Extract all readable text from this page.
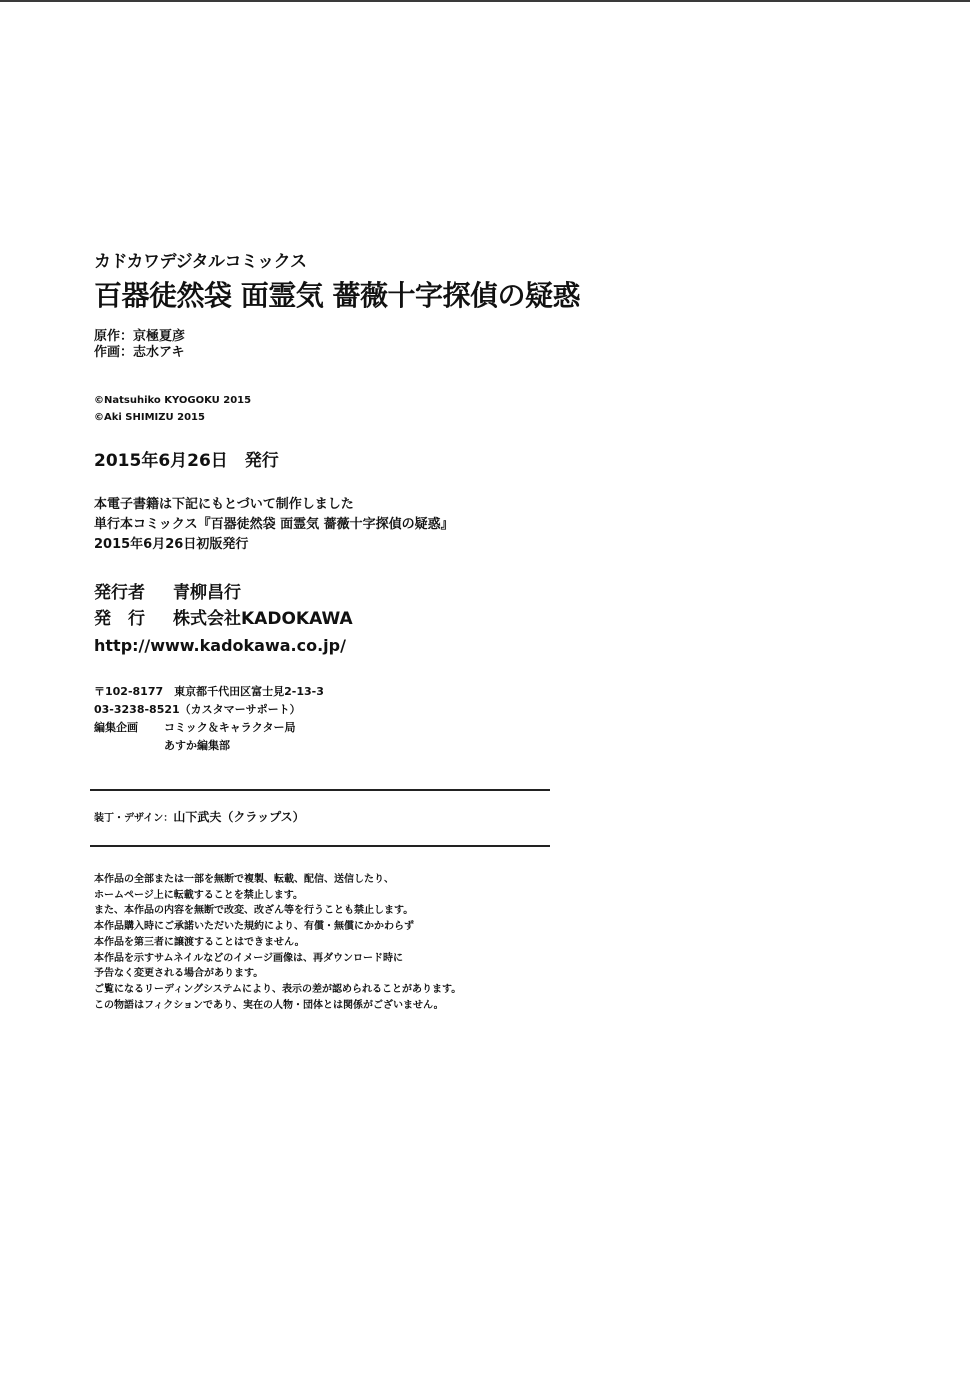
カドカワデジタルコミックス
百器徒然袋 面霊気 薔薇十字探偵の疑惑
原作：京極夏彦
作画：志水アキ
©Natsuhiko KYOGOKU 2015
©Aki SHIMIZU 2015
2015年6月26日　発行
本電子書籍は下記にもとづいて制作しました
単行本コミックス『百器徒然袋 面霊気 薔薇十字探偵の疑惑』
2015年6月26日初版発行
発行者	青柳昌行
発　行	株式会社KADOKAWA
http://www.kadokawa.co.jp/
〒102-8177　東京都千代田区富士見2-13-3
03-3238-8521（カスタマーサポート）
編集企画	コミック＆キャラクター局
あすか編集部
装丁・デザイン：山下武夫（クラップス）
本作品の全部または一部を無断で複製、転載、配信、送信したり、
ホームページ上に転載することを禁止します。
また、本作品の内容を無断で改変、改ざん等を行うことも禁止します。
本作品購入時にご承諾いただいた規約により、有償・無償にかかわらず
本作品を第三者に譲渡することはできません。
本作品を示すサムネイルなどのイメージ画像は、再ダウンロード時に
予告なく変更される場合があります。
ご覧になるリーディングシステムにより、表示の差が認められることがあります。
この物語はフィクションであり、実在の人物・団体とは関係がございません。
